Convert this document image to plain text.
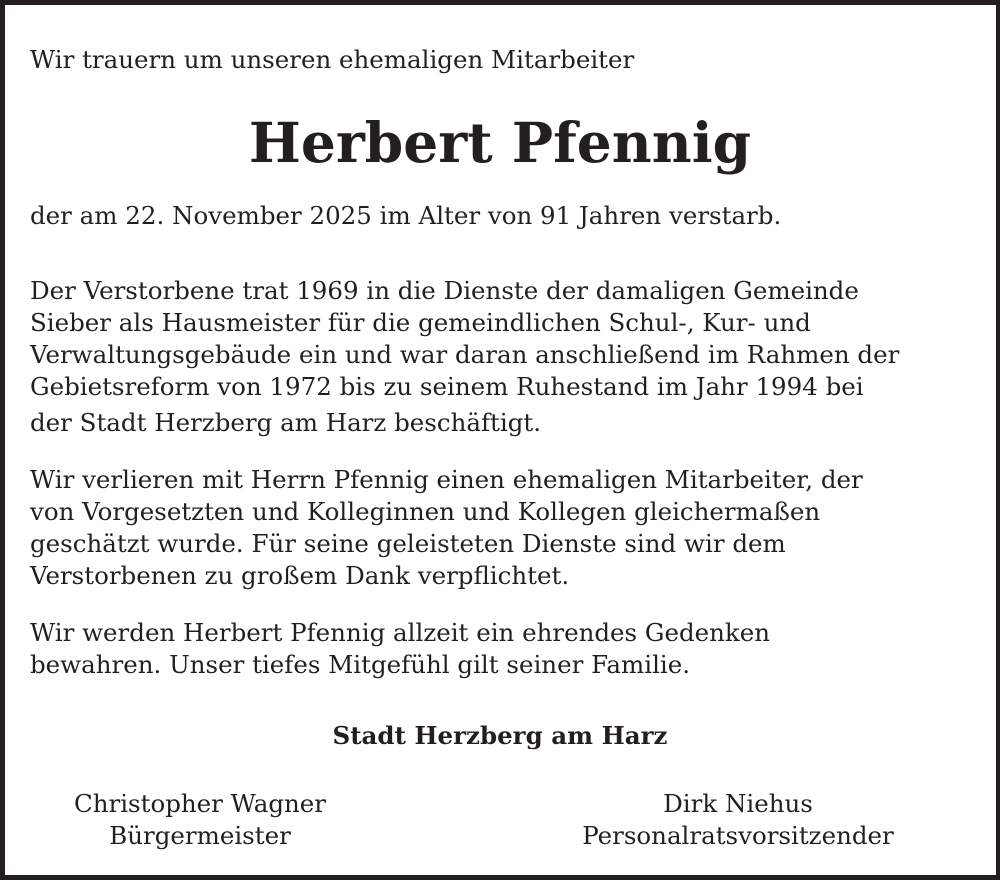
Wir trauern um unseren ehemaligen Mitarbeiter
Herbert Pfennig
der am 22. November 2025 im Alter von 91 Jahren verstarb.
Der Verstorbene trat 1969 in die Dienste der damaligen Gemeinde
Sieber als Hausmeister für die gemeindlichen Schul-, Kur- und
Verwaltungsgebäude ein und war daran anschließend im Rahmen der
Gebietsreform von 1972 bis zu seinem Ruhestand im Jahr 1994 bei
der Stadt Herzberg am Harz beschäftigt.
Wir verlieren mit Herrn Pfennig einen ehemaligen Mitarbeiter, der
von Vorgesetzten und Kolleginnen und Kollegen gleichermaßen
geschätzt wurde. Für seine geleisteten Dienste sind wir dem
Verstorbenen zu großem Dank verpflichtet.
Wir werden Herbert Pfennig allzeit ein ehrendes Gedenken
bewahren. Unser tiefes Mitgefühl gilt seiner Familie.
Stadt Herzberg am Harz
Christopher Wagner
Bürgermeister
Dirk Niehus
Personalratsvorsitzender
